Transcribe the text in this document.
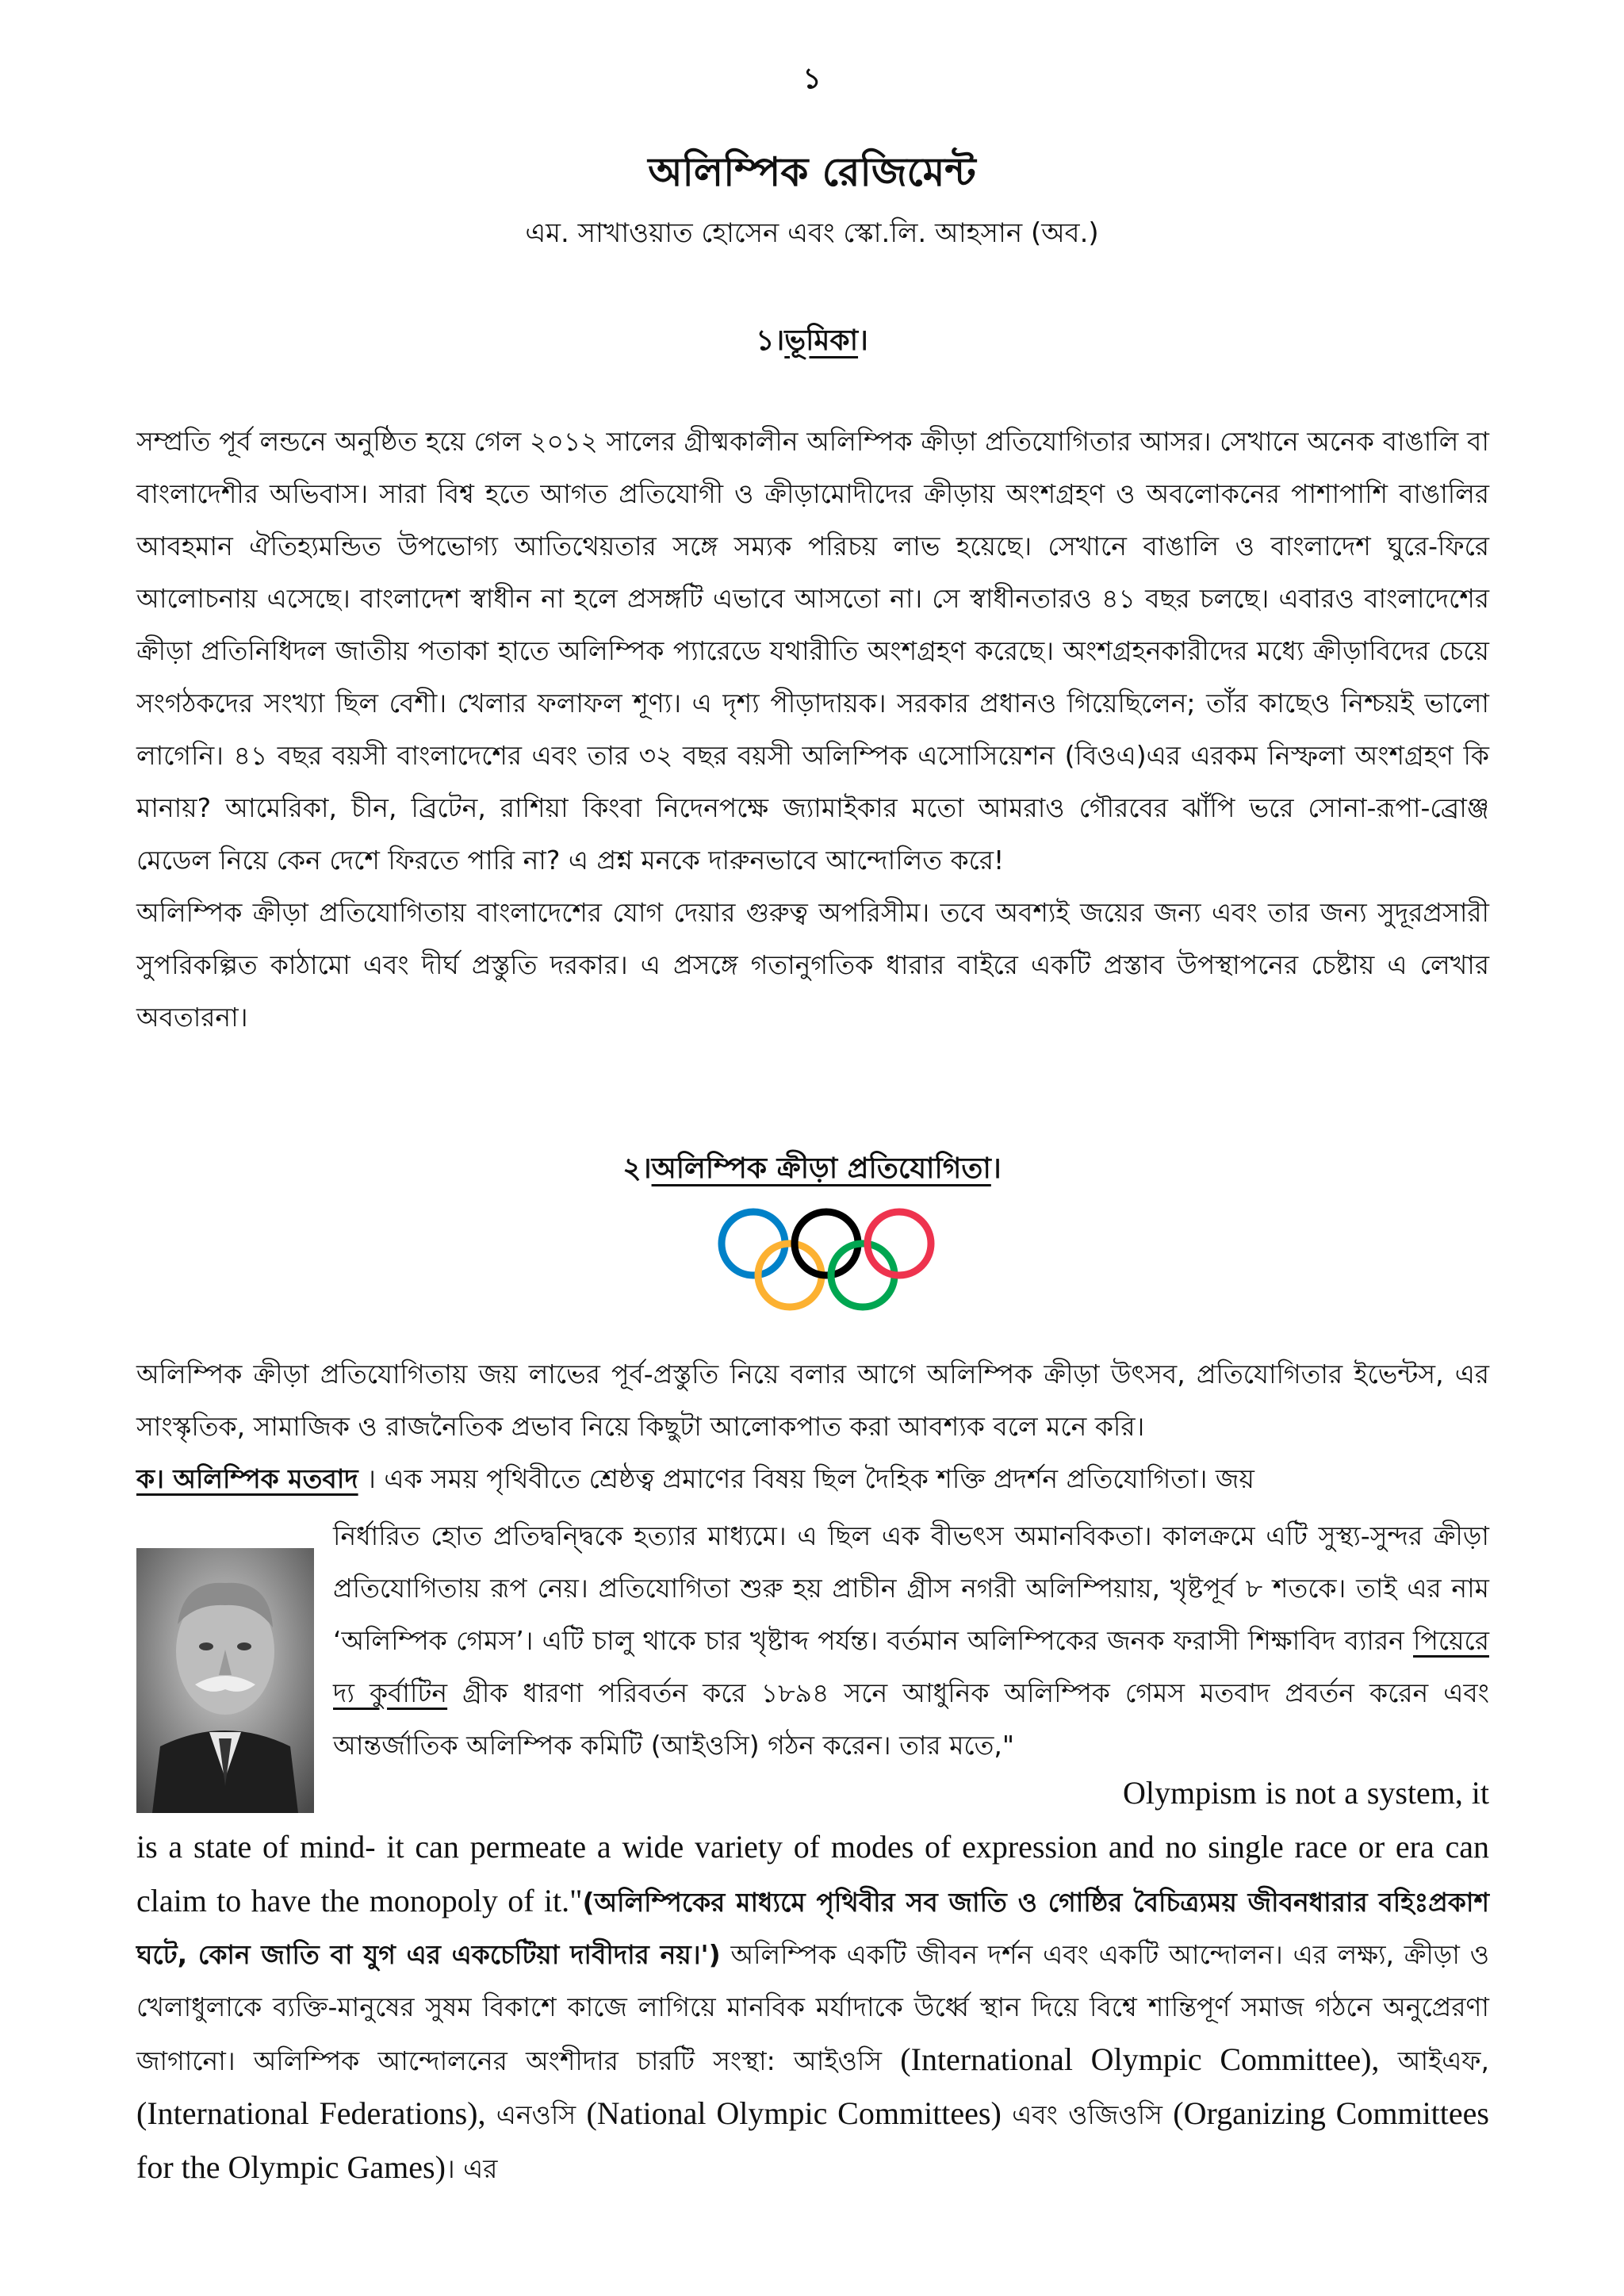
১
অলিম্পিক রেজিমেন্ট
এম. সাখাওয়াত হোসেন এবং স্কো.লি. আহসান (অব.)
১।ভূমিকা।

সম্প্রতি পূর্ব লন্ডনে অনুষ্ঠিত হয়ে গেল ২০১২ সালের গ্রীষ্মকালীন অলিম্পিক ক্রীড়া প্রতিযোগিতার আসর। সেখানে অনেক বাঙালি বা বাংলাদেশীর অভিবাস। সারা বিশ্ব হতে আগত প্রতিযোগী ও ক্রীড়ামোদীদের ক্রীড়ায় অংশগ্রহণ ও অবলোকনের পাশাপাশি বাঙালির আবহমান ঐতিহ্যমন্ডিত উপভোগ্য আতিথেয়তার সঙ্গে সম্যক পরিচয় লাভ হয়েছে। সেখানে বাঙালি ও বাংলাদেশ ঘুরে-ফিরে আলোচনায় এসেছে। বাংলাদেশ স্বাধীন না হলে প্রসঙ্গটি এভাবে আসতো না। সে স্বাধীনতারও ৪১ বছর চলছে। এবারও বাংলাদেশের ক্রীড়া প্রতিনিধিদল জাতীয় পতাকা হাতে অলিম্পিক প্যারেডে যথারীতি অংশগ্রহণ করেছে। অংশগ্রহনকারীদের মধ্যে ক্রীড়াবিদের চেয়ে সংগঠকদের সংখ্যা ছিল বেশী। খেলার ফলাফল শূণ্য। এ দৃশ্য পীড়াদায়ক। সরকার প্রধানও গিয়েছিলেন; তাঁর কাছেও নিশ্চয়ই ভালো লাগেনি। ৪১ বছর বয়সী বাংলাদেশের এবং তার ৩২ বছর বয়সী অলিম্পিক এসোসিয়েশন (বিওএ)এর এরকম নিস্ফলা অংশগ্রহণ কি মানায়? আমেরিকা, চীন, ব্রিটেন, রাশিয়া কিংবা নিদেনপক্ষে জ্যামাইকার মতো আমরাও গৌরবের ঝাঁপি ভরে সোনা-রূপা-ব্রোঞ্জ মেডেল নিয়ে কেন দেশে ফিরতে পারি না? এ প্রশ্ন মনকে দারুনভাবে আন্দোলিত করে!

অলিম্পিক ক্রীড়া প্রতিযোগিতায় বাংলাদেশের যোগ দেয়ার গুরুত্ব অপরিসীম। তবে অবশ্যই জয়ের জন্য এবং তার জন্য সুদূরপ্রসারী সুপরিকল্পিত কাঠামো এবং দীর্ঘ প্রস্তুতি দরকার। এ প্রসঙ্গে গতানুগতিক ধারার বাইরে একটি প্রস্তাব উপস্থাপনের চেষ্টায় এ লেখার অবতারনা।

২।অলিম্পিক ক্রীড়া প্রতিযোগিতা।

অলিম্পিক ক্রীড়া প্রতিযোগিতায় জয় লাভের পূর্ব-প্রস্তুতি নিয়ে বলার আগে অলিম্পিক ক্রীড়া উৎসব, প্রতিযোগিতার ইভেন্টস, এর সাংস্কৃতিক, সামাজিক ও রাজনৈতিক প্রভাব নিয়ে কিছুটা আলোকপাত করা আবশ্যক বলে মনে করি।

ক। অলিম্পিক মতবাদ । এক সময় পৃথিবীতে শ্রেষ্ঠত্ব প্রমাণের বিষয় ছিল দৈহিক শক্তি প্রদর্শন প্রতিযোগিতা। জয়

নির্ধারিত হোত প্রতিদ্বন্দ্বিকে হত্যার মাধ্যমে। এ ছিল এক বীভৎস অমানবিকতা। কালক্রমে এটি সুস্থ্য-সুন্দর ক্রীড়া প্রতিযোগিতায় রূপ নেয়। প্রতিযোগিতা শুরু হয় প্রাচীন গ্রীস নগরী অলিম্পিয়ায়, খৃষ্টপূর্ব ৮ শতকে। তাই এর নাম ‘অলিম্পিক গেমস’। এটি চালু থাকে চার খৃষ্টাব্দ পর্যন্ত। বর্তমান অলিম্পিকের জনক ফরাসী শিক্ষাবিদ ব্যারন পিয়েরে দ্য কুর্বাটিন গ্রীক ধারণা পরিবর্তন করে ১৮৯৪ সনে আধুনিক অলিম্পিক গেমস মতবাদ প্রবর্তন করেন এবং আন্তর্জাতিক অলিম্পিক কমিটি (আইওসি) গঠন করেন। তার মতে,"

Olympism is not a system, it is a state of mind- it can permeate a wide variety of modes of expression and no single race or era can claim to have the monopoly of it."(অলিম্পিকের মাধ্যমে পৃথিবীর সব জাতি ও গোষ্ঠির বৈচিত্র্যময় জীবনধারার বহিঃপ্রকাশ ঘটে, কোন জাতি বা যুগ এর একচেটিয়া দাবীদার নয়।') অলিম্পিক একটি জীবন দর্শন এবং একটি আন্দোলন। এর লক্ষ্য, ক্রীড়া ও খেলাধুলাকে ব্যক্তি-মানুষের সুষম বিকাশে কাজে লাগিয়ে মানবিক মর্যাদাকে উর্ধ্বে স্থান দিয়ে বিশ্বে শান্তিপূর্ণ সমাজ গঠনে অনুপ্রেরণা জাগানো। অলিম্পিক আন্দোলনের অংশীদার চারটি সংস্থা: আইওসি (International Olympic Committee), আইএফ, (International Federations), এনওসি (National Olympic Committees) এবং ওজিওসি (Organizing Committees for the Olympic Games)। এর
